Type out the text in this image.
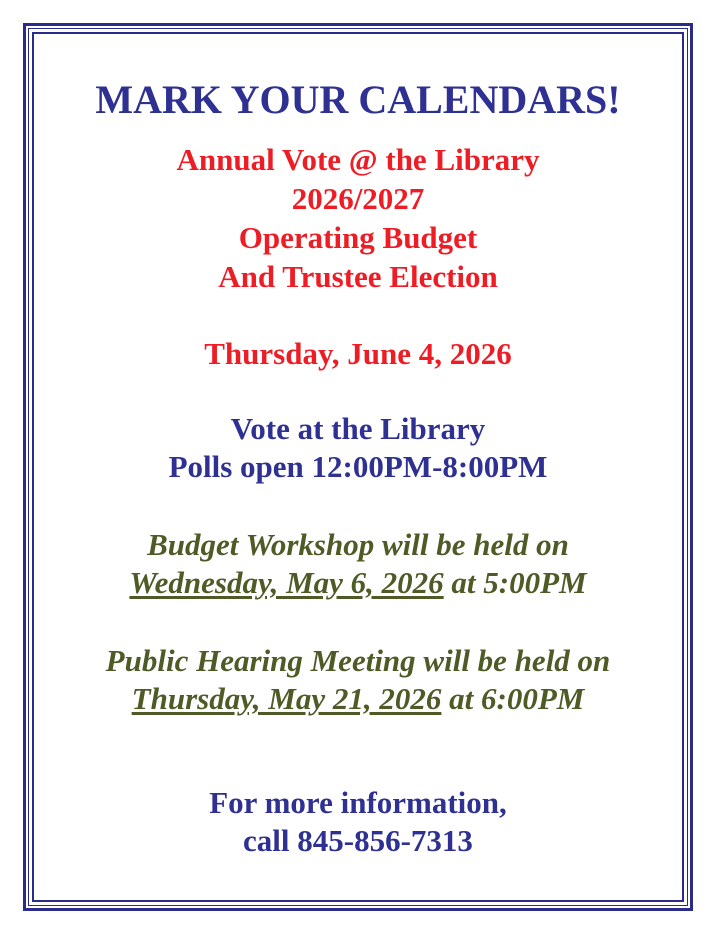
MARK YOUR CALENDARS!
Annual Vote @ the Library
2026/2027
Operating Budget
And Trustee Election
Thursday, June 4, 2026
Vote at the Library
Polls open 12:00PM-8:00PM
Budget Workshop will be held on
Wednesday, May 6, 2026 at 5:00PM
Public Hearing Meeting will be held on
Thursday, May 21, 2026 at 6:00PM
For more information,
call 845-856-7313
